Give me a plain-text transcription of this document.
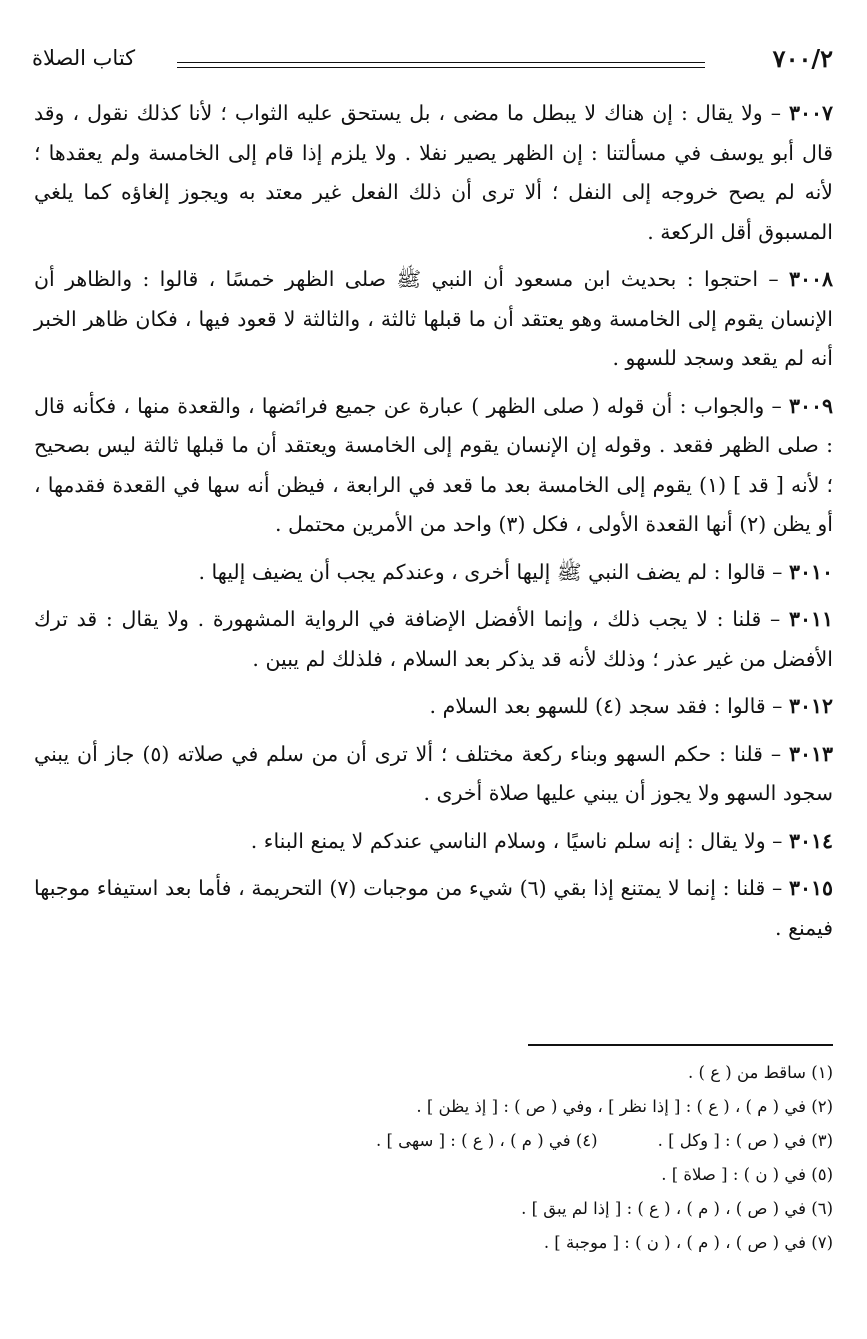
٧٠٠/٢
كتاب الصلاة

٣٠٠٧ – ولا يقال : إن هناك لا يبطل ما مضى ، بل يستحق عليه الثواب ؛ لأنا كذلك نقول ، وقد قال أبو يوسف في مسألتنا : إن الظهر يصير نفلا . ولا يلزم إذا قام إلى الخامسة ولم يعقدها ؛ لأنه لم يصح خروجه إلى النفل ؛ ألا ترى أن ذلك الفعل غير معتد به ويجوز إلغاؤه كما يلغي المسبوق أقل الركعة .

٣٠٠٨ – احتجوا : بحديث ابن مسعود أن النبي ﷺ صلى الظهر خمسًا ، قالوا : والظاهر أن الإنسان يقوم إلى الخامسة وهو يعتقد أن ما قبلها ثالثة ، والثالثة لا قعود فيها ، فكان ظاهر الخبر أنه لم يقعد وسجد للسهو .

٣٠٠٩ – والجواب : أن قوله ( صلى الظهر ) عبارة عن جميع فرائضها ، والقعدة منها ، فكأنه قال : صلى الظهر فقعد . وقوله إن الإنسان يقوم إلى الخامسة ويعتقد أن ما قبلها ثالثة ليس بصحيح ؛ لأنه [ قد ] (١) يقوم إلى الخامسة بعد ما قعد في الرابعة ، فيظن أنه سها في القعدة فقدمها ، أو يظن (٢) أنها القعدة الأولى ، فكل (٣) واحد من الأمرين محتمل .

٣٠١٠ – قالوا : لم يضف النبي ﷺ إليها أخرى ، وعندكم يجب أن يضيف إليها .

٣٠١١ – قلنا : لا يجب ذلك ، وإنما الأفضل الإضافة في الرواية المشهورة . ولا يقال : قد ترك الأفضل من غير عذر ؛ وذلك لأنه قد يذكر بعد السلام ، فلذلك لم يبين .

٣٠١٢ – قالوا : فقد سجد (٤) للسهو بعد السلام .

٣٠١٣ – قلنا : حكم السهو وبناء ركعة مختلف ؛ ألا ترى أن من سلم في صلاته (٥) جاز أن يبني سجود السهو ولا يجوز أن يبني عليها صلاة أخرى .

٣٠١٤ – ولا يقال : إنه سلم ناسيًا ، وسلام الناسي عندكم لا يمنع البناء .

٣٠١٥ – قلنا : إنما لا يمتنع إذا بقي (٦) شيء من موجبات (٧) التحريمة ، فأما بعد استيفاء موجبها فيمنع .

(١) ساقط من ( ع ) .

(٢) في ( م ) ، ( ع ) : [ إذا نظر ] ، وفي ( ص ) : [ إذ يظن ] .

(٣) في ( ص ) : [ وكل ] .

(٤) في ( م ) ، ( ع ) : [ سهى ] .

(٥) في ( ن ) : [ صلاة ] .

(٦) في ( ص ) ، ( م ) ، ( ع ) : [ إذا لم يبق ] .

(٧) في ( ص ) ، ( م ) ، ( ن ) : [ موجبة ] .
